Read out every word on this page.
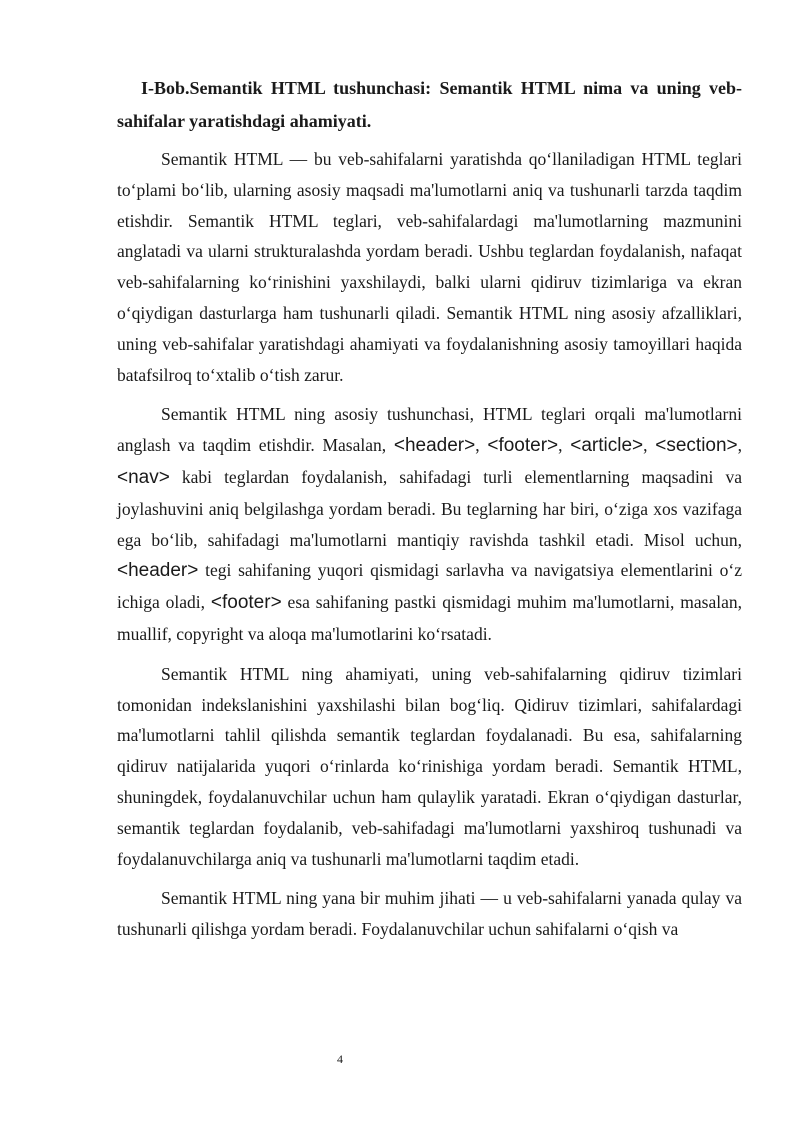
I-Bob.Semantik HTML tushunchasi: Semantik HTML nima va uning veb-sahifalar yaratishdagi ahamiyati.

Semantik HTML — bu veb-sahifalarni yaratishda qo‘llaniladigan HTML teglari to‘plami bo‘lib, ularning asosiy maqsadi ma'lumotlarni aniq va tushunarli tarzda taqdim etishdir. Semantik HTML teglari, veb-sahifalardagi ma'lumotlarning mazmunini anglatadi va ularni strukturalashda yordam beradi. Ushbu teglardan foydalanish, nafaqat veb-sahifalarning ko‘rinishini yaxshilaydi, balki ularni qidiruv tizimlariga va ekran o‘qiydigan dasturlarga ham tushunarli qiladi. Semantik HTML ning asosiy afzalliklari, uning veb-sahifalar yaratishdagi ahamiyati va foydalanishning asosiy tamoyillari haqida batafsilroq to‘xtalib o‘tish zarur.

Semantik HTML ning asosiy tushunchasi, HTML teglari orqali ma'lumotlarni anglash va taqdim etishdir. Masalan, <header>, <footer>, <article>, <section>, <nav> kabi teglardan foydalanish, sahifadagi turli elementlarning maqsadini va joylashuvini aniq belgilashga yordam beradi. Bu teglarning har biri, o‘ziga xos vazifaga ega bo‘lib, sahifadagi ma'lumotlarni mantiqiy ravishda tashkil etadi. Misol uchun, <header> tegi sahifaning yuqori qismidagi sarlavha va navigatsiya elementlarini o‘z ichiga oladi, <footer> esa sahifaning pastki qismidagi muhim ma'lumotlarni, masalan, muallif, copyright va aloqa ma'lumotlarini ko‘rsatadi.

Semantik HTML ning ahamiyati, uning veb-sahifalarning qidiruv tizimlari tomonidan indekslanishini yaxshilashi bilan bog‘liq. Qidiruv tizimlari, sahifalardagi ma'lumotlarni tahlil qilishda semantik teglardan foydalanadi. Bu esa, sahifalarning qidiruv natijalarida yuqori o‘rinlarda ko‘rinishiga yordam beradi. Semantik HTML, shuningdek, foydalanuvchilar uchun ham qulaylik yaratadi. Ekran o‘qiydigan dasturlar, semantik teglardan foydalanib, veb-sahifadagi ma'lumotlarni yaxshiroq tushunadi va foydalanuvchilarga aniq va tushunarli ma'lumotlarni taqdim etadi.

Semantik HTML ning yana bir muhim jihati — u veb-sahifalarni yanada qulay va tushunarli qilishga yordam beradi. Foydalanuvchilar uchun sahifalarni o‘qish va

4
